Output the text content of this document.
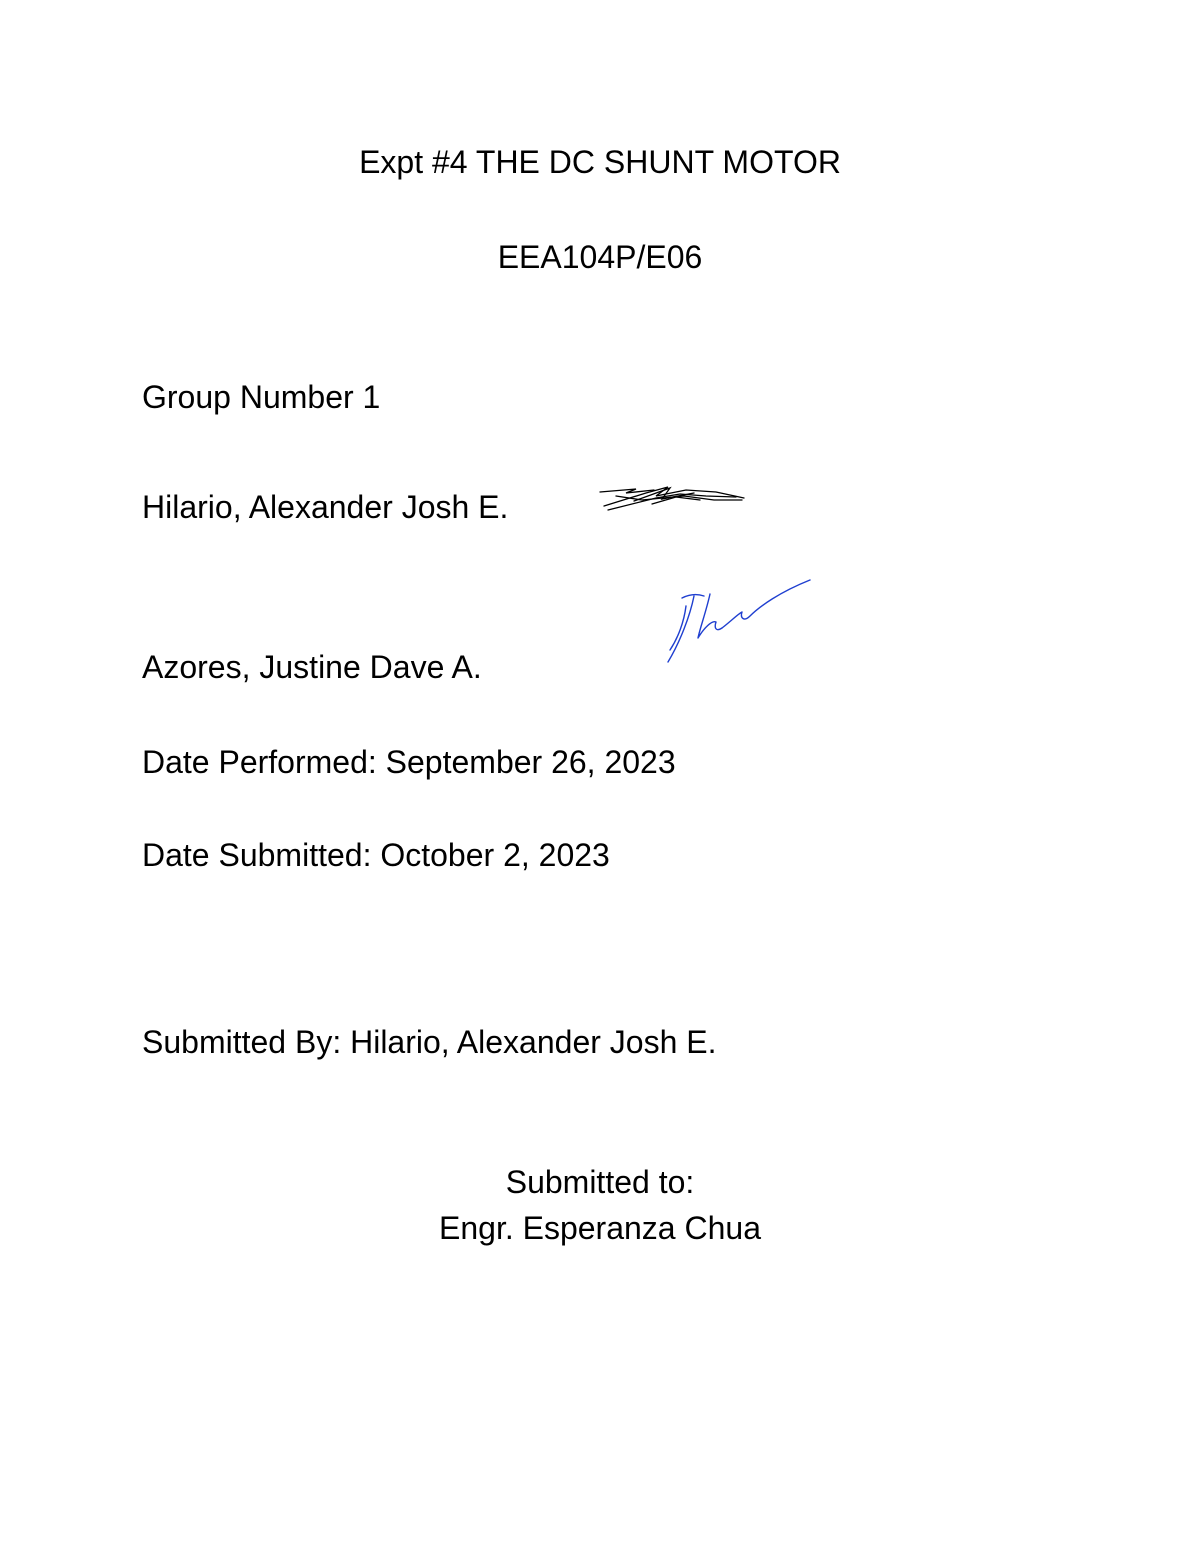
Expt #4 THE DC SHUNT MOTOR
EEA104P/E06
Group Number 1
Hilario, Alexander Josh E.
Azores, Justine Dave A.
Date Performed: September 26, 2023
Date Submitted: October 2, 2023
Submitted By: Hilario, Alexander Josh E.
Submitted to:
Engr. Esperanza Chua
